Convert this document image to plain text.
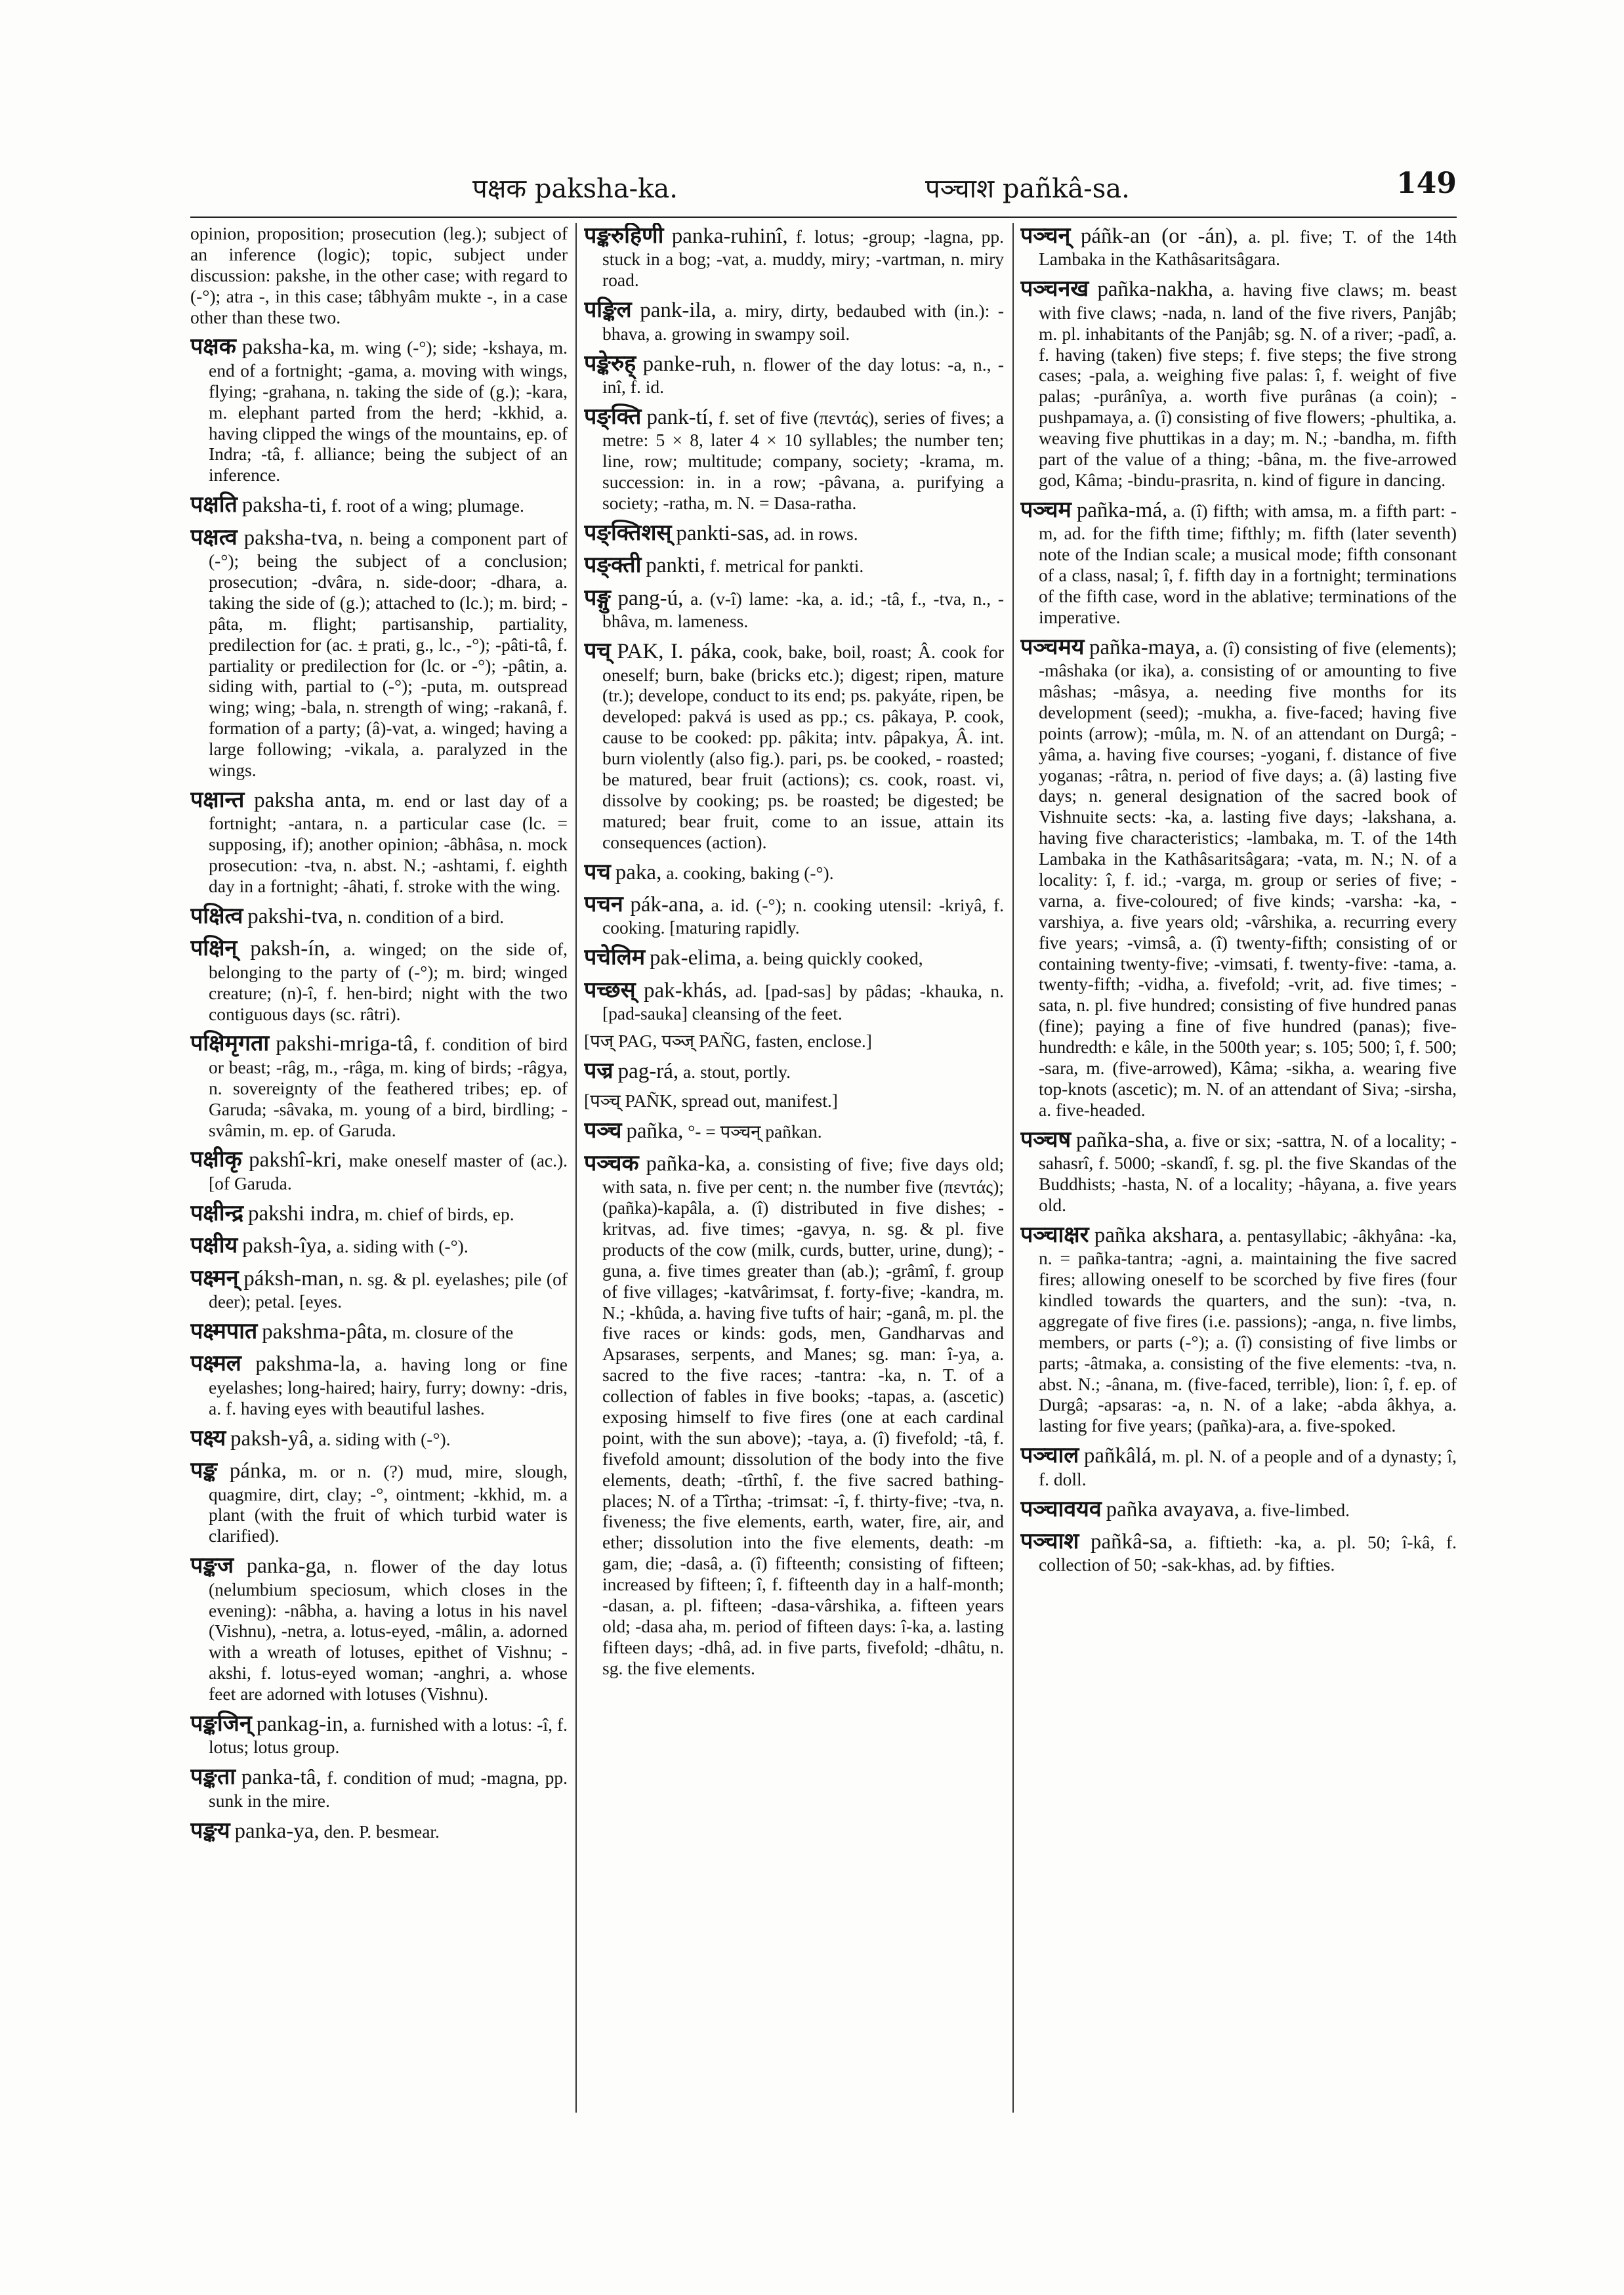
पक्षक paksha-ka.	पञ्चाश pañkâ-sa.	149

opinion, proposition; prosecution (leg.); subject of an inference (logic); topic, subject under discussion: pakshe, in the other case; with regard to (-°); atra -, in this case; tâbhyâm mukte -, in a case other than these two.

पक्षक paksha-ka, m. wing (-°); side; -kshaya, m. end of a fortnight; -gama, a. moving with wings, flying; -grahana, n. taking the side of (g.); -kara, m. elephant parted from the herd; -kkhid, a. having clipped the wings of the mountains, ep. of Indra; -tâ, f. alliance; being the subject of an inference.

पक्षति paksha-ti, f. root of a wing; plumage.

पक्षत्व paksha-tva, n. being a component part of (-°); being the subject of a conclusion; prosecution; -dvâra, n. side-door; -dhara, a. taking the side of (g.); attached to (lc.); m. bird; -pâta, m. flight; partisanship, partiality, predilection for (ac. ± prati, g., lc., -°); -pâti-tâ, f. partiality or predilection for (lc. or -°); -pâtin, a. siding with, partial to (-°); -puta, m. outspread wing; wing; -bala, n. strength of wing; -rakanâ, f. formation of a party; (â)-vat, a. winged; having a large following; -vikala, a. paralyzed in the wings.

पक्षान्त paksha anta, m. end or last day of a fortnight; -antara, n. a particular case (lc. = supposing, if); another opinion; -âbhâsa, n. mock prosecution: -tva, n. abst. N.; -ashtami, f. eighth day in a fortnight; -âhati, f. stroke with the wing.

पक्षित्व pakshi-tva, n. condition of a bird.

पक्षिन् paksh-ín, a. winged; on the side of, belonging to the party of (-°); m. bird; winged creature; (n)-î, f. hen-bird; night with the two contiguous days (sc. râtri).

पक्षिमृगता pakshi-mriga-tâ, f. condition of bird or beast; -râg, m., -râga, m. king of birds; -râgya, n. sovereignty of the feathered tribes; ep. of Garuda; -sâvaka, m. young of a bird, birdling; -svâmin, m. ep. of Garuda.

पक्षीकृ pakshî-kri, make oneself master of (ac.). [of Garuda.

पक्षीन्द्र pakshi indra, m. chief of birds, ep.

पक्षीय paksh-îya, a. siding with (-°).

पक्ष्मन् páksh-man, n. sg. & pl. eyelashes; pile (of deer); petal. [eyes.

पक्ष्मपात pakshma-pâta, m. closure of the

पक्ष्मल pakshma-la, a. having long or fine eyelashes; long-haired; hairy, furry; downy: -dris, a. f. having eyes with beautiful lashes.

पक्ष्य paksh-yâ, a. siding with (-°).

पङ्क pánka, m. or n. (?) mud, mire, slough, quagmire, dirt, clay; -°, ointment; -kkhid, m. a plant (with the fruit of which turbid water is clarified).

पङ्कज panka-ga, n. flower of the day lotus (nelumbium speciosum, which closes in the evening): -nâbha, a. having a lotus in his navel (Vishnu), -netra, a. lotus-eyed, -mâlin, a. adorned with a wreath of lotuses, epithet of Vishnu; -akshi, f. lotus-eyed woman; -anghri, a. whose feet are adorned with lotuses (Vishnu).

पङ्कजिन् pankag-in, a. furnished with a lotus: -î, f. lotus; lotus group.

पङ्कता panka-tâ, f. condition of mud; -magna, pp. sunk in the mire.

पङ्कय panka-ya, den. P. besmear.

पङ्करुहिणी panka-ruhinî, f. lotus; -group; -lagna, pp. stuck in a bog; -vat, a. muddy, miry; -vartman, n. miry road.

पङ्किल pank-ila, a. miry, dirty, bedaubed with (in.): -bhava, a. growing in swampy soil.

पङ्केरुह् panke-ruh, n. flower of the day lotus: -a, n., -inî, f. id.

पङ्क्ति pank-tí, f. set of five (πεντάς), series of fives; a metre: 5 × 8, later 4 × 10 syllables; the number ten; line, row; multitude; company, society; -krama, m. succession: in. in a row; -pâvana, a. purifying a society; -ratha, m. N. = Dasa-ratha.

पङ्क्तिशस् pankti-sas, ad. in rows.

पङ्क्ती pankti, f. metrical for pankti.

पङ्गु pang-ú, a. (v-î) lame: -ka, a. id.; -tâ, f., -tva, n., -bhâva, m. lameness.

पच् PAK, I. páka, cook, bake, boil, roast; Â. cook for oneself; burn, bake (bricks etc.); digest; ripen, mature (tr.); develope, conduct to its end; ps. pakyáte, ripen, be developed: pakvá is used as pp.; cs. pâkaya, P. cook, cause to be cooked: pp. pâkita; intv. pâpakya, Â. int. burn violently (also fig.). pari, ps. be cooked, - roasted; be matured, bear fruit (actions); cs. cook, roast. vi, dissolve by cooking; ps. be roasted; be digested; be matured; bear fruit, come to an issue, attain its consequences (action).

पच paka, a. cooking, baking (-°).

पचन pák-ana, a. id. (-°); n. cooking utensil: -kriyâ, f. cooking. [maturing rapidly.

पचेलिम pak-elima, a. being quickly cooked,

पच्छस् pak-khás, ad. [pad-sas] by pâdas; -khauka, n. [pad-sauka] cleansing of the feet.

[पज् PAG, पञ्ज् PAÑG, fasten, enclose.]

पज्र pag-rá, a. stout, portly.

[पञ्च् PAÑK, spread out, manifest.]

पञ्च pañka, °- = पञ्चन् pañkan.

पञ्चक pañka-ka, a. consisting of five; five days old; with sata, n. five per cent; n. the number five (πεντάς); (pañka)-kapâla, a. (î) distributed in five dishes; -kritvas, ad. five times; -gavya, n. sg. & pl. five products of the cow (milk, curds, butter, urine, dung); -guna, a. five times greater than (ab.); -grâmî, f. group of five villages; -katvârimsat, f. forty-five; -kandra, m. N.; -khûda, a. having five tufts of hair; -ganâ, m. pl. the five races or kinds: gods, men, Gandharvas and Apsarases, serpents, and Manes; sg. man: î-ya, a. sacred to the five races; -tantra: -ka, n. T. of a collection of fables in five books; -tapas, a. (ascetic) exposing himself to five fires (one at each cardinal point, with the sun above); -taya, a. (î) fivefold; -tâ, f. fivefold amount; dissolution of the body into the five elements, death; -tîrthî, f. the five sacred bathing-places; N. of a Tîrtha; -trimsat: -î, f. thirty-five; -tva, n. fiveness; the five elements, earth, water, fire, air, and ether; dissolution into the five elements, death: -m gam, die; -dasâ, a. (î) fifteenth; consisting of fifteen; increased by fifteen; î, f. fifteenth day in a half-month; -dasan, a. pl. fifteen; -dasa-vârshika, a. fifteen years old; -dasa aha, m. period of fifteen days: î-ka, a. lasting fifteen days; -dhâ, ad. in five parts, fivefold; -dhâtu, n. sg. the five elements.

पञ्चन् páñk-an (or -án), a. pl. five; T. of the 14th Lambaka in the Kathâsaritsâgara.

पञ्चनख pañka-nakha, a. having five claws; m. beast with five claws; -nada, n. land of the five rivers, Panjâb; m. pl. inhabitants of the Panjâb; sg. N. of a river; -padî, a. f. having (taken) five steps; f. five steps; the five strong cases; -pala, a. weighing five palas: î, f. weight of five palas; -purânîya, a. worth five purânas (a coin); -pushpamaya, a. (î) consisting of five flowers; -phultika, a. weaving five phuttikas in a day; m. N.; -bandha, m. fifth part of the value of a thing; -bâna, m. the five-arrowed god, Kâma; -bindu-prasrita, n. kind of figure in dancing.

पञ्चम pañka-má, a. (î) fifth; with amsa, m. a fifth part: -m, ad. for the fifth time; fifthly; m. fifth (later seventh) note of the Indian scale; a musical mode; fifth consonant of a class, nasal; î, f. fifth day in a fortnight; terminations of the fifth case, word in the ablative; terminations of the imperative.

पञ्चमय pañka-maya, a. (î) consisting of five (elements); -mâshaka (or ika), a. consisting of or amounting to five mâshas; -mâsya, a. needing five months for its development (seed); -mukha, a. five-faced; having five points (arrow); -mûla, m. N. of an attendant on Durgâ; -yâma, a. having five courses; -yogani, f. distance of five yoganas; -râtra, n. period of five days; a. (â) lasting five days; n. general designation of the sacred book of Vishnuite sects: -ka, a. lasting five days; -lakshana, a. having five characteristics; -lambaka, m. T. of the 14th Lambaka in the Kathâsaritsâgara; -vata, m. N.; N. of a locality: î, f. id.; -varga, m. group or series of five; -varna, a. five-coloured; of five kinds; -varsha: -ka, -varshiya, a. five years old; -vârshika, a. recurring every five years; -vimsâ, a. (î) twenty-fifth; consisting of or containing twenty-five; -vimsati, f. twenty-five: -tama, a. twenty-fifth; -vidha, a. fivefold; -vrit, ad. five times; -sata, n. pl. five hundred; consisting of five hundred panas (fine); paying a fine of five hundred (panas); five-hundredth: e kâle, in the 500th year; s. 105; 500; î, f. 500; -sara, m. (five-arrowed), Kâma; -sikha, a. wearing five top-knots (ascetic); m. N. of an attendant of Siva; -sirsha, a. five-headed.

पञ्चष pañka-sha, a. five or six; -sattra, N. of a locality; -sahasrî, f. 5000; -skandî, f. sg. pl. the five Skandas of the Buddhists; -hasta, N. of a locality; -hâyana, a. five years old.

पञ्चाक्षर pañka akshara, a. pentasyllabic; -âkhyâna: -ka, n. = pañka-tantra; -agni, a. maintaining the five sacred fires; allowing oneself to be scorched by five fires (four kindled towards the quarters, and the sun): -tva, n. aggregate of five fires (i.e. passions); -anga, n. five limbs, members, or parts (-°); a. (î) consisting of five limbs or parts; -âtmaka, a. consisting of the five elements: -tva, n. abst. N.; -ânana, m. (five-faced, terrible), lion: î, f. ep. of Durgâ; -apsaras: -a, n. N. of a lake; -abda âkhya, a. lasting for five years; (pañka)-ara, a. five-spoked.

पञ्चाल pañkâlá, m. pl. N. of a people and of a dynasty; î, f. doll.

पञ्चावयव pañka avayava, a. five-limbed.

पञ्चाश pañkâ-sa, a. fiftieth: -ka, a. pl. 50; î-kâ, f. collection of 50; -sak-khas, ad. by fifties.
